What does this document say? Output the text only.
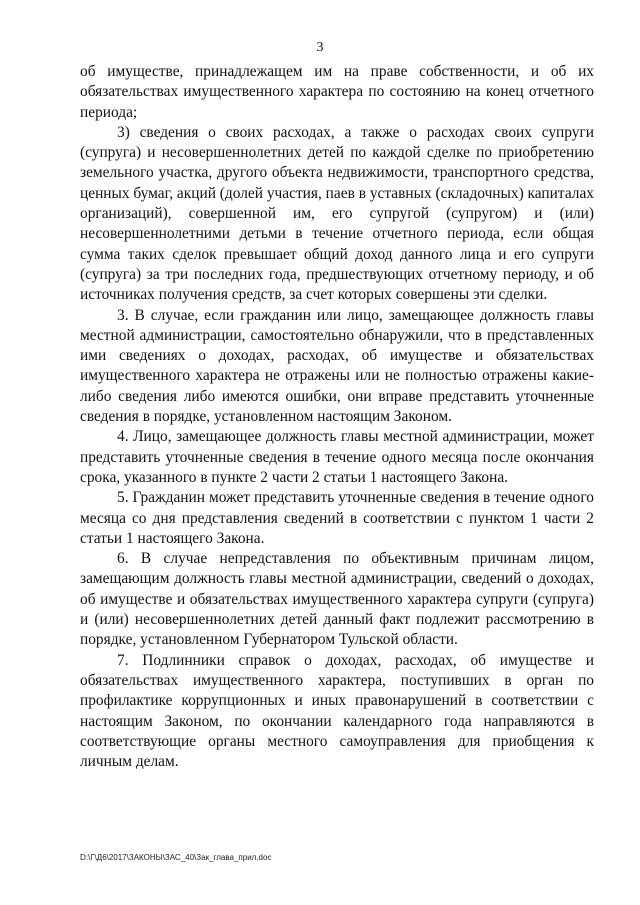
3

об имуществе, принадлежащем им на праве собственности, и об их обязательствах имущественного характера по состоянию на конец отчетного периода;

3) сведения о своих расходах, а также о расходах своих супруги (супруга) и несовершеннолетних детей по каждой сделке по приобретению земельного участка, другого объекта недвижимости, транспортного средства, ценных бумаг, акций (долей участия, паев в уставных (складочных) капиталах организаций), совершенной им, его супругой (супругом) и (или) несовершеннолетними детьми в течение отчетного периода, если общая сумма таких сделок превышает общий доход данного лица и его супруги (супруга) за три последних года, предшествующих отчетному периоду, и об источниках получения средств, за счет которых совершены эти сделки.

3. В случае, если гражданин или лицо, замещающее должность главы местной администрации, самостоятельно обнаружили, что в представленных ими сведениях о доходах, расходах, об имуществе и обязательствах имущественного характера не отражены или не полностью отражены какие-либо сведения либо имеются ошибки, они вправе представить уточненные сведения в порядке, установленном настоящим Законом.

4. Лицо, замещающее должность главы местной администрации, может представить уточненные сведения в течение одного месяца после окончания срока, указанного в пункте 2 части 2 статьи 1 настоящего Закона.

5. Гражданин может представить уточненные сведения в течение одного месяца со дня представления сведений в соответствии с пунктом 1 части 2 статьи 1 настоящего Закона.

6. В случае непредставления по объективным причинам лицом, замещающим должность главы местной администрации, сведений о доходах, об имуществе и обязательствах имущественного характера супруги (супруга) и (или) несовершеннолетних детей данный факт подлежит рассмотрению в порядке, установленном Губернатором Тульской области.

7. Подлинники справок о доходах, расходах, об имуществе и обязательствах имущественного характера, поступивших в орган по профилактике коррупционных и иных правонарушений в соответствии с настоящим Законом, по окончании календарного года направляются в соответствующие органы местного самоуправления для приобщения к личным делам.

D:\Г\Д6\2017\ЗАКОНЫ\ЗАС_40\Зак_глава_прил.doc
